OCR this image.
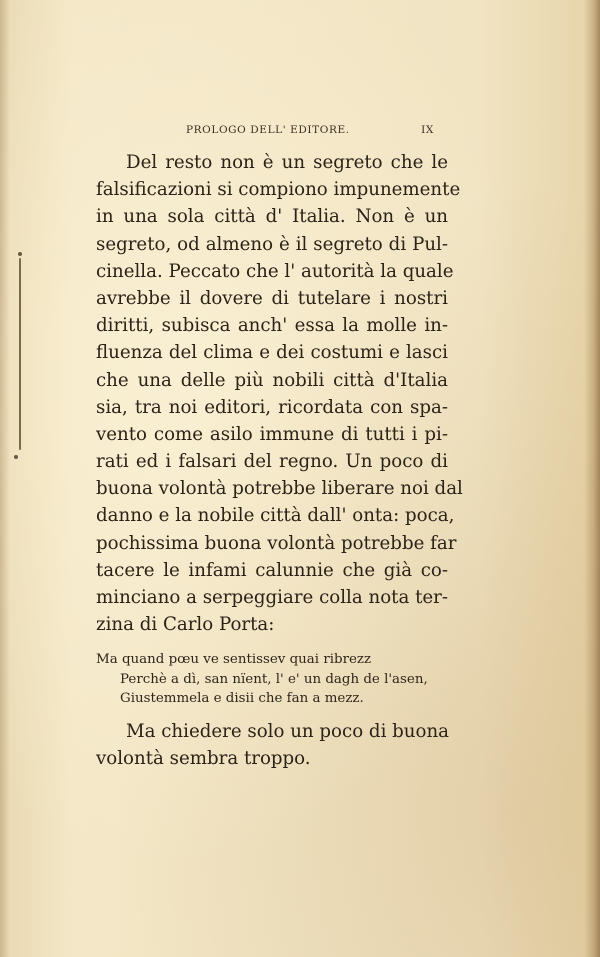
PROLOGO DELL' EDITORE.	IX
Del resto non è un segreto che le
falsificazioni si compiono impunemente
in una sola città d' Italia. Non è un
segreto, od almeno è il segreto di Pul-
cinella. Peccato che l' autorità la quale
avrebbe il dovere di tutelare i nostri
diritti, subisca anch' essa la molle in-
fluenza del clima e dei costumi e lasci
che una delle più nobili città d'Italia
sia, tra noi editori, ricordata con spa-
vento come asilo immune di tutti i pi-
rati ed i falsari del regno. Un poco di
buona volontà potrebbe liberare noi dal
danno e la nobile città dall' onta: poca,
pochissima buona volontà potrebbe far
tacere le infami calunnie che già co-
minciano a serpeggiare colla nota ter-
zina di Carlo Porta:
Ma quand pœu ve sentissev quai ribrezz
Perchè a dì, san nïent, l' e' un dagh de l'asen,
Giustemmela e disii che fan a mezz.
Ma chiedere solo un poco di buona
volontà sembra troppo.
